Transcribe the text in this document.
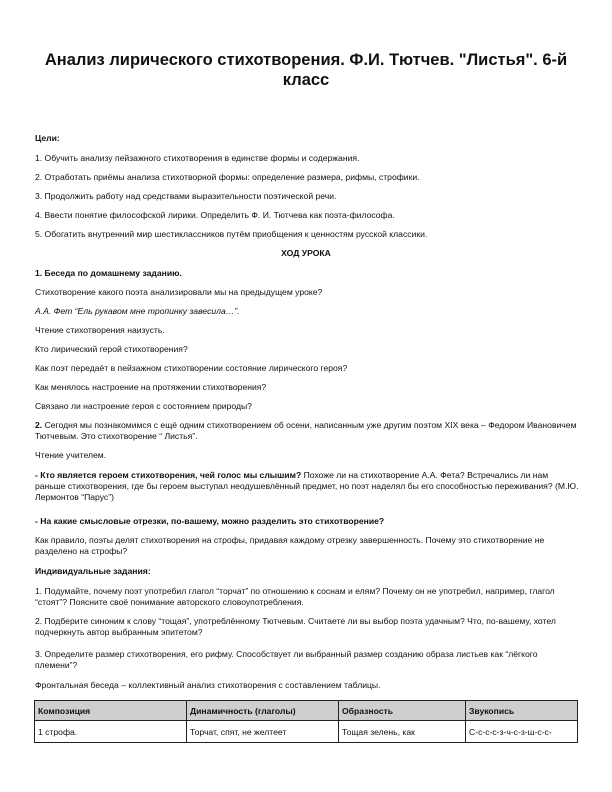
Анализ лирического стихотворения. Ф.И. Тютчев. "Листья". 6-й класс

Цели:

1. Обучить анализу пейзажного стихотворения в единстве формы и содержания.

2. Отработать приёмы анализа стихотворной формы: определение размера, рифмы, строфики.

3. Продолжить работу над средствами выразительности поэтической речи.

4. Ввести понятие философской лирики. Определить Ф. И. Тютчева как поэта-философа.

5. Обогатить внутренний мир шестиклассников путём приобщения к ценностям русской классики.

ХОД УРОКА

1. Беседа по домашнему заданию.

Стихотворение какого поэта анализировали мы на предыдущем уроке?

А.А. Фет “Ель рукавом мне тропинку завесила…”.

Чтение стихотворения наизусть.

Кто лирический герой стихотворения?

Как поэт передаёт в пейзажном стихотворении состояние лирического героя?

Как менялось настроение на протяжении стихотворения?

Связано ли настроение героя с состоянием природы?

2. Сегодня мы познакомимся с ещё одним стихотворением об осени, написанным уже другим поэтом XIX века – Федором Ивановичем Тютчевым. Это стихотворение “ Листья”.

Чтение учителем.

- Кто является героем стихотворения, чей голос мы слышим? Похоже ли на стихотворение А.А. Фета? Встречались ли нам раньше стихотворения, где бы героем выступал неодушевлённый предмет, но поэт наделял бы его способностью переживания? (М.Ю. Лермонтов “Парус”)

- На какие смысловые отрезки, по-вашему, можно разделить это стихотворение?

Как правило, поэты делят стихотворения на строфы, придавая каждому отрезку завершенность. Почему это стихотворение не разделено на строфы?

Индивидуальные задания:

1. Подумайте, почему поэт употребил глагол “торчат” по отношению к соснам и елям? Почему он не употребил, например, глагол “стоят”? Поясните своё понимание авторского словоупотребления.

2. Подберите синоним к слову “тощая”, употреблённому Тютчевым. Считаете ли вы выбор поэта удачным? Что, по-вашему, хотел подчеркнуть автор выбранным эпитетом?

3. Определите размер стихотворения, его рифму. Способствует ли выбранный размер созданию образа листьев как “лёгкого племени”?

Фронтальная беседа – коллективный анализ стихотворения с составлением таблицы.

Композиция	Динамичность (глаголы)	Образность	Звукопись
1 строфа.	Торчат, спят, не желтеет	Тощая зелень, как	С-с-с-с-з-ч-с-з-ш-с-с-
